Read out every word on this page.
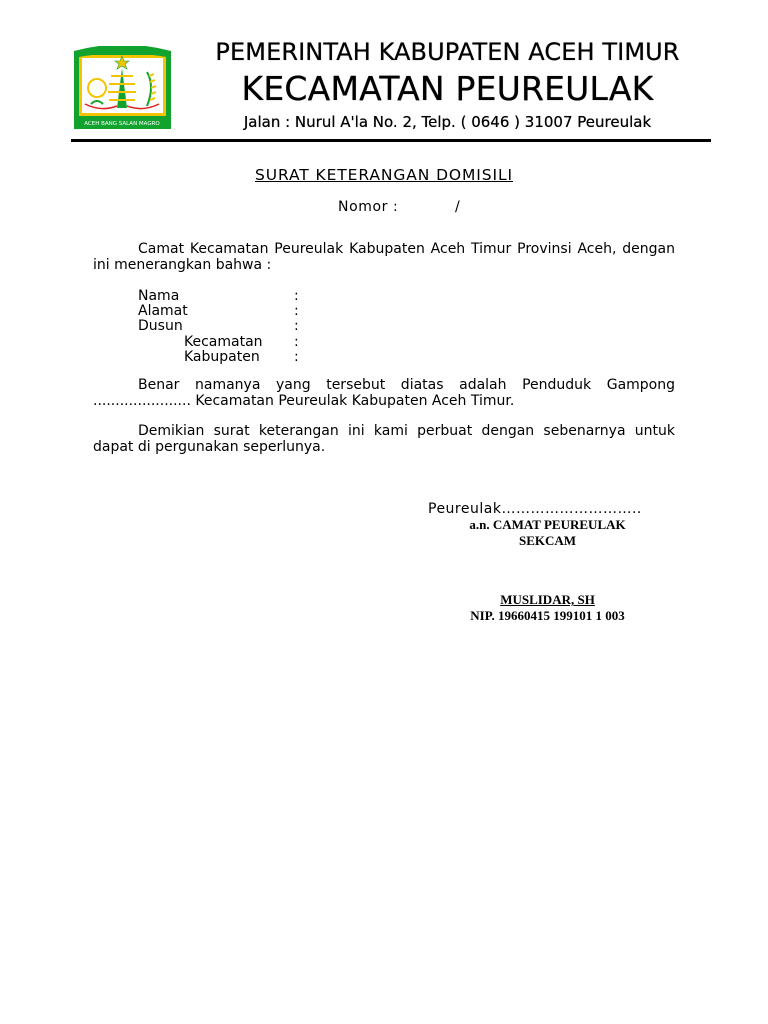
ACEH BANG SALAN MAGRO
PEMERINTAH KABUPATEN ACEH TIMUR
KECAMATAN PEUREULAK
Jalan : Nurul A'la No. 2, Telp. ( 0646 ) 31007 Peureulak
SURAT KETERANGAN DOMISILI
Nomor :	/
Camat Kecamatan Peureulak Kabupaten Aceh Timur Provinsi Aceh, dengan ini menerangkan bahwa :
Nama	:
Alamat	:
Dusun	:
Kecamatan :
Kabupaten :
Benar namanya yang tersebut diatas adalah Penduduk Gampong ...................... Kecamatan Peureulak Kabupaten Aceh Timur.
Demikian surat keterangan ini kami perbuat dengan sebenarnya untuk dapat di pergunakan seperlunya.
Peureulak………………………..
a.n. CAMAT PEUREULAK
SEKCAM
MUSLIDAR, SH
NIP. 19660415 199101 1 003
